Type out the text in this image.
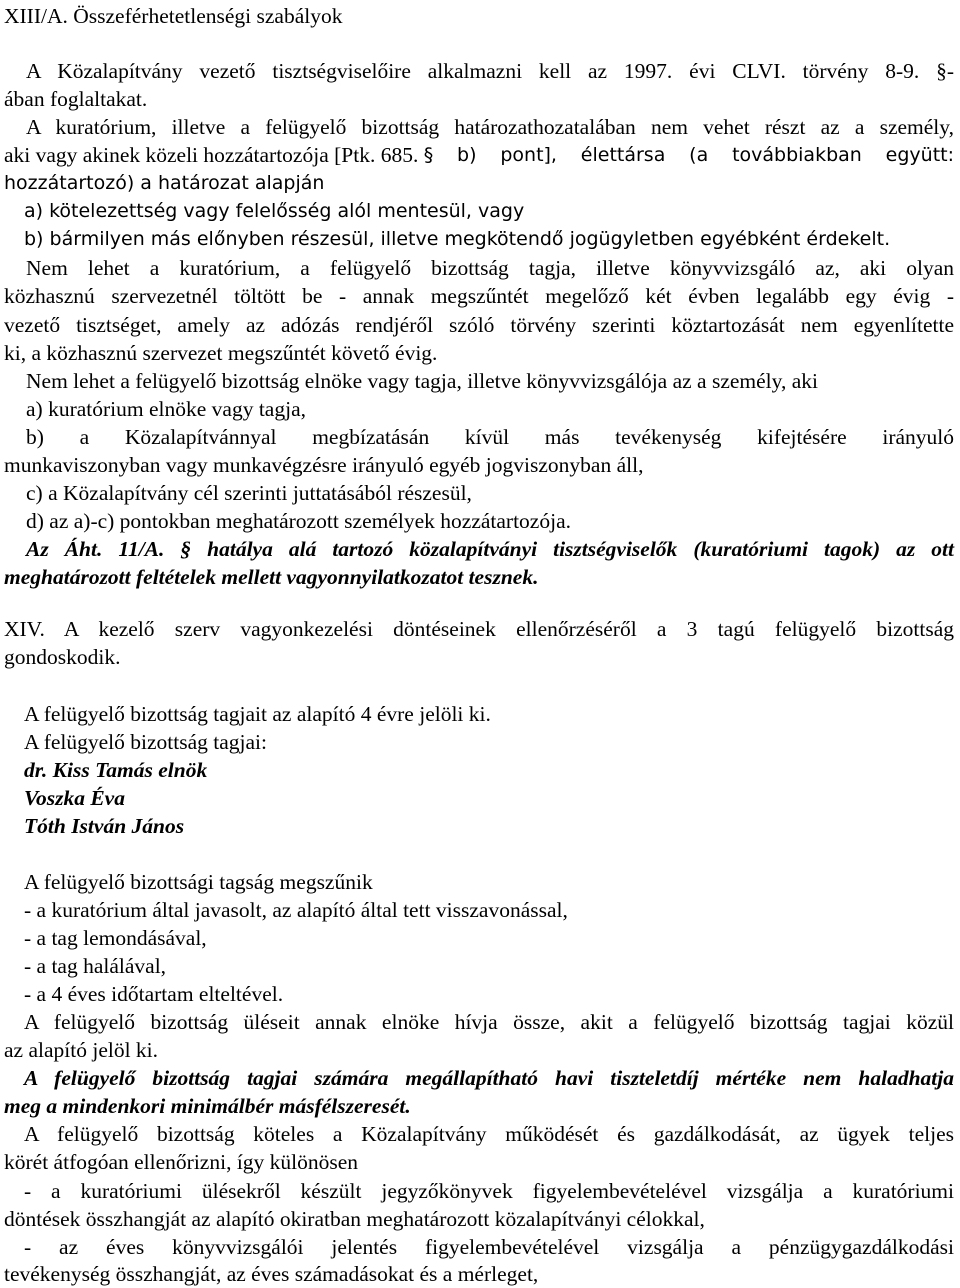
XIII/A. Összeférhetetlenségi szabályok

A Közalapítvány vezető tisztségviselőire alkalmazni kell az 1997. évi CLVI. törvény 8-9. §-

ában foglaltakat.

A kuratórium, illetve a felügyelő bizottság határozathozatalában nem vehet részt az a személy,

aki vagy akinek közeli hozzátartozója [Ptk. 685. § b) pont], élettársa (a továbbiakban együtt:

hozzátartozó) a határozat alapján

a) kötelezettség vagy felelősség alól mentesül, vagy

b) bármilyen más előnyben részesül, illetve megkötendő jogügyletben egyébként érdekelt.

Nem lehet a kuratórium, a felügyelő bizottság tagja, illetve könyvvizsgáló az, aki olyan

közhasznú szervezetnél töltött be - annak megszűntét megelőző két évben legalább egy évig -

vezető tisztséget, amely az adózás rendjéről szóló törvény szerinti köztartozását nem egyenlítette

ki, a közhasznú szervezet megszűntét követő évig.

Nem lehet a felügyelő bizottság elnöke vagy tagja, illetve könyvvizsgálója az a személy, aki

a) kuratórium elnöke vagy tagja,

b) a Közalapítvánnyal megbízatásán kívül más tevékenység kifejtésére irányuló

munkaviszonyban vagy munkavégzésre irányuló egyéb jogviszonyban áll,

c) a Közalapítvány cél szerinti juttatásából részesül,

d) az a)-c) pontokban meghatározott személyek hozzátartozója.

Az Áht. 11/A. § hatálya alá tartozó közalapítványi tisztségviselők (kuratóriumi tagok) az ott

meghatározott feltételek mellett vagyonnyilatkozatot tesznek.

XIV. A kezelő szerv vagyonkezelési döntéseinek ellenőrzéséről a 3 tagú felügyelő bizottság

gondoskodik.

A felügyelő bizottság tagjait az alapító 4 évre jelöli ki.

A felügyelő bizottság tagjai:

dr. Kiss Tamás elnök

Voszka Éva

Tóth István János

A felügyelő bizottsági tagság megszűnik

- a kuratórium által javasolt, az alapító által tett visszavonással,

- a tag lemondásával,

- a tag halálával,

- a 4 éves időtartam elteltével.

A felügyelő bizottság üléseit annak elnöke hívja össze, akit a felügyelő bizottság tagjai közül

az alapító jelöl ki.

A felügyelő bizottság tagjai számára megállapítható havi tiszteletdíj mértéke nem haladhatja

meg a mindenkori minimálbér másfélszeresét.

A felügyelő bizottság köteles a Közalapítvány működését és gazdálkodását, az ügyek teljes

körét átfogóan ellenőrizni, így különösen

- a kuratóriumi ülésekről készült jegyzőkönyvek figyelembevételével vizsgálja a kuratóriumi

döntések összhangját az alapító okiratban meghatározott közalapítványi célokkal,

- az éves könyvvizsgálói jelentés figyelembevételével vizsgálja a pénzügygazdálkodási

tevékenység összhangját, az éves számadásokat és a mérleget,
